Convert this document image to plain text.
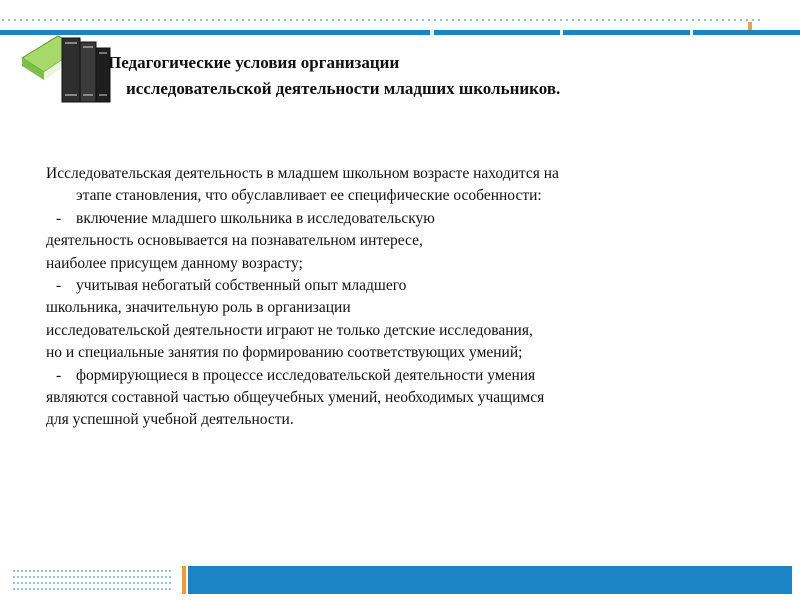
Педагогические условия организации
исследовательской деятельности младших школьников.
Исследовательская деятельность в младшем школьном возрасте находится на
этапе становления, что обуславливает ее специфические особенности:
- включение младшего школьника в исследовательскую
деятельность основывается на познавательном интересе,
наиболее присущем данному возрасту;
- учитывая небогатый собственный опыт младшего
школьника, значительную роль в организации
исследовательской деятельности играют не только детские исследования,
но и специальные занятия по формированию соответствующих умений;
- формирующиеся в процессе исследовательской деятельности умения
являются составной частью общеучебных умений, необходимых учащимся
для успешной учебной деятельности.
